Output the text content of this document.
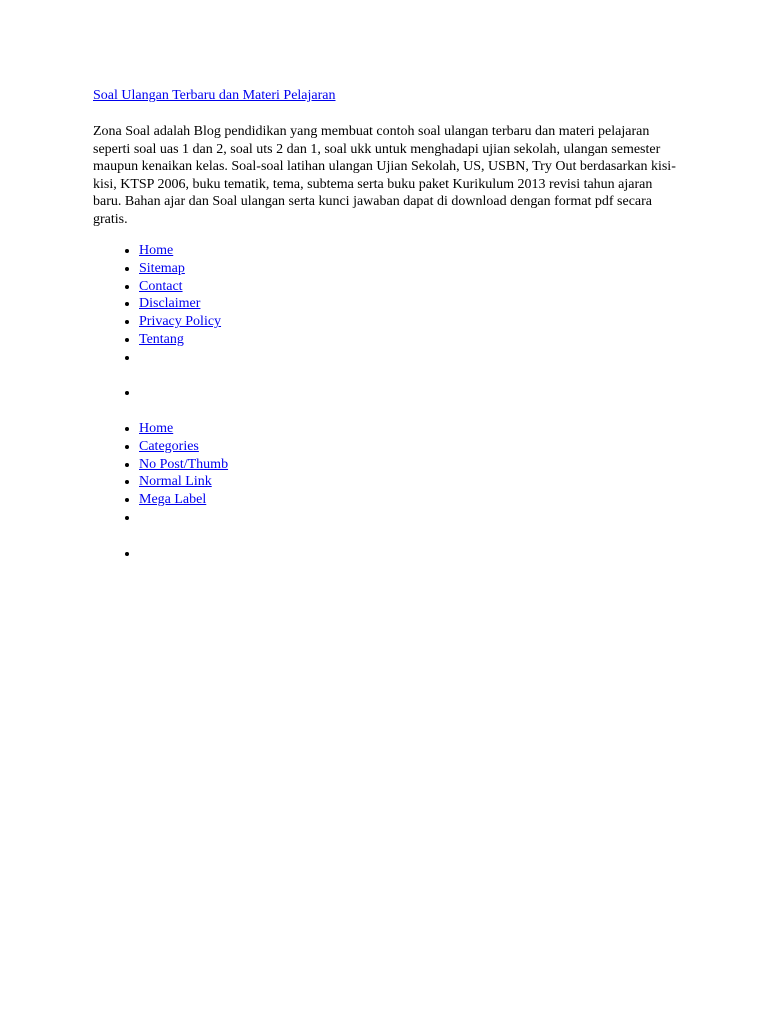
Soal Ulangan Terbaru dan Materi Pelajaran

Zona Soal adalah Blog pendidikan yang membuat contoh soal ulangan terbaru dan materi pelajaran seperti soal uas 1 dan 2, soal uts 2 dan 1, soal ukk untuk menghadapi ujian sekolah, ulangan semester maupun kenaikan kelas. Soal-soal latihan ulangan Ujian Sekolah, US, USBN, Try Out berdasarkan kisi-kisi, KTSP 2006, buku tematik, tema, subtema serta buku paket Kurikulum 2013 revisi tahun ajaran baru. Bahan ajar dan Soal ulangan serta kunci jawaban dapat di download dengan format pdf secara gratis.

• Home
• Sitemap
• Contact
• Disclaimer
• Privacy Policy
• Tentang
•
•
• Home
• Categories
• No Post/Thumb
• Normal Link
• Mega Label
•
•
